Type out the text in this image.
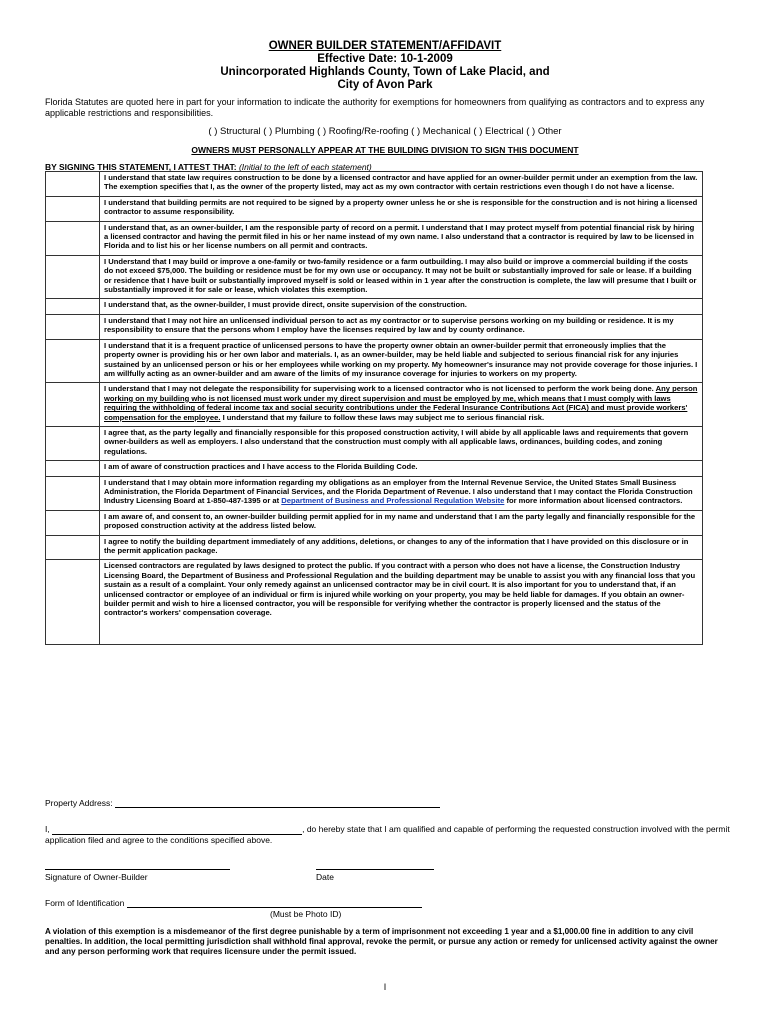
OWNER BUILDER STATEMENT/AFFIDAVIT
Effective Date: 10-1-2009
Unincorporated Highlands County, Town of Lake Placid, and
City of Avon Park
Florida Statutes are quoted here in part for your information to indicate the authority for exemptions for homeowners from qualifying as contractors and to express any applicable restrictions and responsibilities.
( ) Structural ( ) Plumbing ( ) Roofing/Re-roofing ( ) Mechanical ( ) Electrical ( ) Other
OWNERS MUST PERSONALLY APPEAR AT THE BUILDING DIVISION TO SIGN THIS DOCUMENT
BY SIGNING THIS STATEMENT, I ATTEST THAT: (Initial to the left of each statement)
	I understand that state law requires construction to be done by a licensed contractor and have applied for an owner-builder permit under an exemption from the law. The exemption specifies that I, as the owner of the property listed, may act as my own contractor with certain restrictions even though I do not have a license.
	I understand that building permits are not required to be signed by a property owner unless he or she is responsible for the construction and is not hiring a licensed contractor to assume responsibility.
	I understand that, as an owner-builder, I am the responsible party of record on a permit. I understand that I may protect myself from potential financial risk by hiring a licensed contractor and having the permit filed in his or her name instead of my own name. I also understand that a contractor is required by law to be licensed in Florida and to list his or her license numbers on all permit and contracts.
	I Understand that I may build or improve a one-family or two-family residence or a farm outbuilding. I may also build or improve a commercial building if the costs do not exceed $75,000. The building or residence must be for my own use or occupancy. It may not be built or substantially improved for sale or lease. If a building or residence that I have built or substantially improved myself is sold or leased within in 1 year after the construction is complete, the law will presume that I built or substantially improved it for sale or lease, which violates this exemption.
	I understand that, as the owner-builder, I must provide direct, onsite supervision of the construction.
	I understand that I may not hire an unlicensed individual person to act as my contractor or to supervise persons working on my building or residence. It is my responsibility to ensure that the persons whom I employ have the licenses required by law and by county ordinance.
	I understand that it is a frequent practice of unlicensed persons to have the property owner obtain an owner-builder permit that erroneously implies that the property owner is providing his or her own labor and materials. I, as an owner-builder, may be held liable and subjected to serious financial risk for any injuries sustained by an unlicensed person or his or her employees while working on my property. My homeowner's insurance may not provide coverage for those injuries. I am willfully acting as an owner-builder and am aware of the limits of my insurance coverage for injuries to workers on my property.
	I understand that I may not delegate the responsibility for supervising work to a licensed contractor who is not licensed to perform the work being done. Any person working on my building who is not licensed must work under my direct supervision and must be employed by me, which means that I must comply with laws requiring the withholding of federal income tax and social security contributions under the Federal Insurance Contributions Act (FICA) and must provide workers' compensation for the employee. I understand that my failure to follow these laws may subject me to serious financial risk.
	I agree that, as the party legally and financially responsible for this proposed construction activity, I will abide by all applicable laws and requirements that govern owner-builders as well as employers. I also understand that the construction must comply with all applicable laws, ordinances, building codes, and zoning regulations.
	I am of aware of construction practices and I have access to the Florida Building Code.
	I understand that I may obtain more information regarding my obligations as an employer from the Internal Revenue Service, the United States Small Business Administration, the Florida Department of Financial Services, and the Florida Department of Revenue. I also understand that I may contact the Florida Construction Industry Licensing Board at 1-850-487-1395 or at Department of Business and Professional Regulation Website for more information about licensed contractors.
	I am aware of, and consent to, an owner-builder building permit applied for in my name and understand that I am the party legally and financially responsible for the proposed construction activity at the address listed below.
	I agree to notify the building department immediately of any additions, deletions, or changes to any of the information that I have provided on this disclosure or in the permit application package.
	Licensed contractors are regulated by laws designed to protect the public. If you contract with a person who does not have a license, the Construction Industry Licensing Board, the Department of Business and Professional Regulation and the building department may be unable to assist you with any financial loss that you sustain as a result of a complaint. Your only remedy against an unlicensed contractor may be in civil court. It is also important for you to understand that, if an unlicensed contractor or employee of an individual or firm is injured while working on your property, you may be held liable for damages. If you obtain an owner-builder permit and wish to hire a licensed contractor, you will be responsible for verifying whether the contractor is properly licensed and the status of the contractor's workers' compensation coverage.
Property Address:
I,	, do hereby state that I am qualified and capable of performing the requested construction involved with the permit application filed and agree to the conditions specified above.
Signature of Owner-Builder	Date
Form of Identification
(Must be Photo ID)
A violation of this exemption is a misdemeanor of the first degree punishable by a term of imprisonment not exceeding 1 year and a $1,000.00 fine in addition to any civil penalties. In addition, the local permitting jurisdiction shall withhold final approval, revoke the permit, or pursue any action or remedy for unlicensed activity against the owner and any person performing work that requires licensure under the permit issued.
I
